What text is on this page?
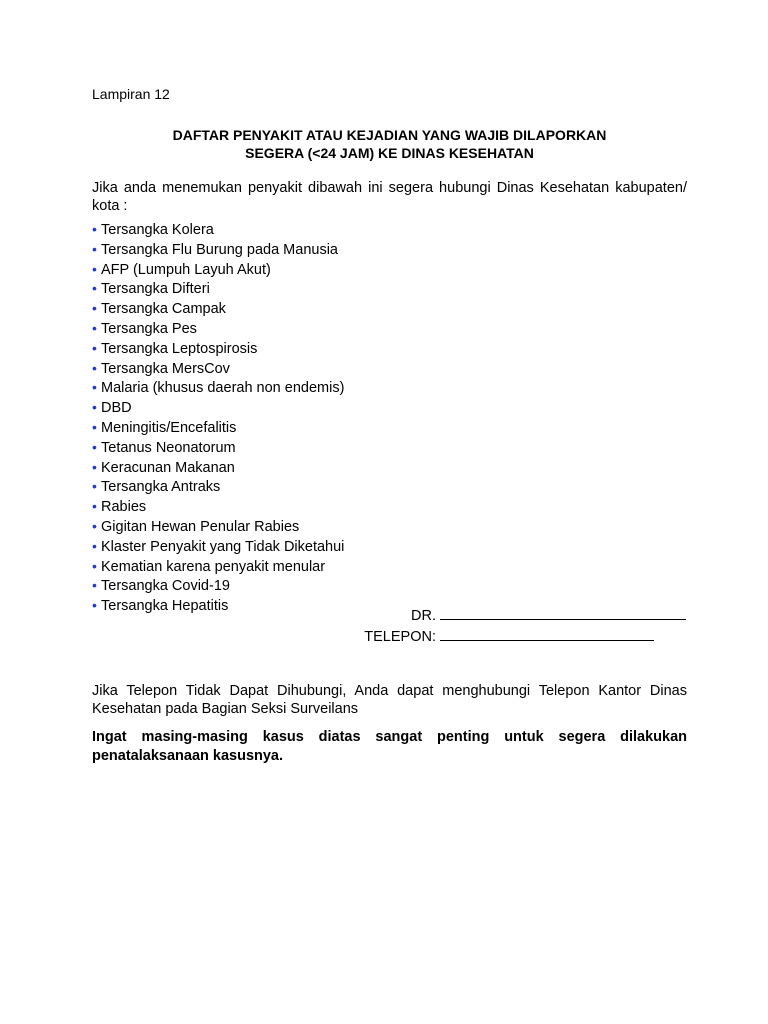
Lampiran 12
DAFTAR PENYAKIT ATAU KEJADIAN YANG WAJIB DILAPORKAN
SEGERA (<24 JAM) KE DINAS KESEHATAN
Jika anda menemukan penyakit dibawah ini segera hubungi Dinas Kesehatan kabupaten/ kota :
• Tersangka Kolera
• Tersangka Flu Burung pada Manusia
• AFP (Lumpuh Layuh Akut)
• Tersangka Difteri
• Tersangka Campak
• Tersangka Pes
• Tersangka Leptospirosis
• Tersangka MersCov
• Malaria (khusus daerah non endemis)
• DBD
• Meningitis/Encefalitis
• Tetanus Neonatorum
• Keracunan Makanan
• Tersangka Antraks
• Rabies
• Gigitan Hewan Penular Rabies
• Klaster Penyakit yang Tidak Diketahui
• Kematian karena penyakit menular
• Tersangka Covid-19
• Tersangka Hepatitis
DR.
TELEPON:
Jika Telepon Tidak Dapat Dihubungi, Anda dapat menghubungi Telepon Kantor Dinas Kesehatan pada Bagian Seksi Surveilans
Ingat masing-masing kasus diatas sangat penting untuk segera dilakukan penatalaksanaan kasusnya.
